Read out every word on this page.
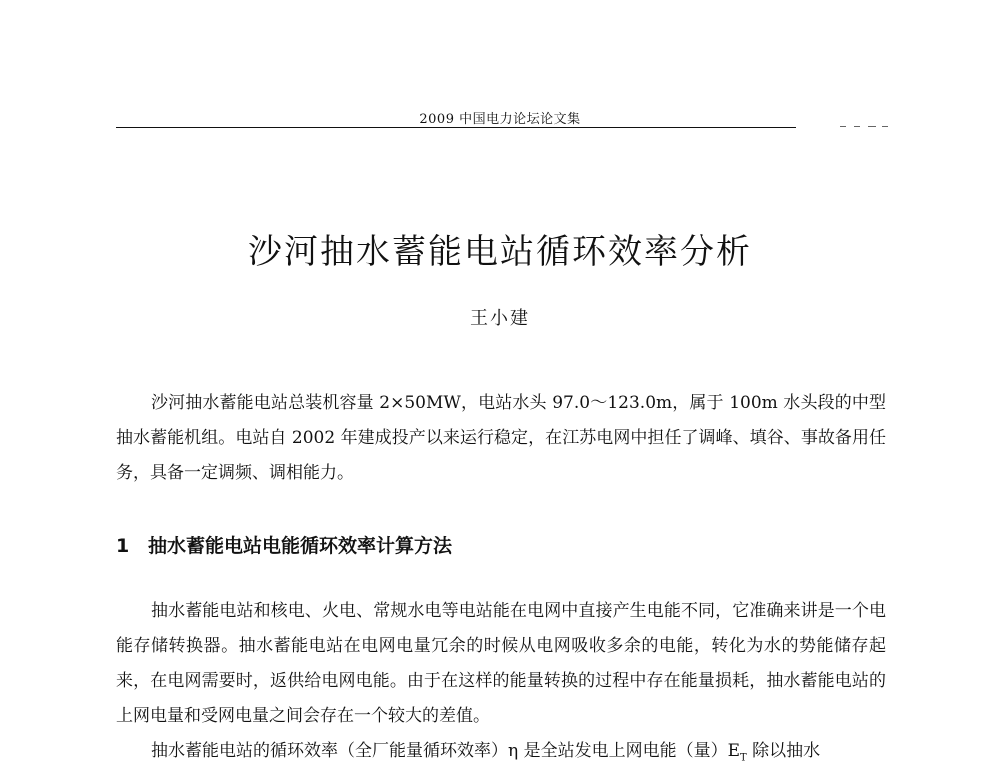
2009 中国电力论坛论文集
沙河抽水蓄能电站循环效率分析
王小建

沙河抽水蓄能电站总装机容量 2×50MW，电站水头 97.0～123.0m，属于 100m 水头段的中型抽水蓄能机组。电站自 2002 年建成投产以来运行稳定，在江苏电网中担任了调峰、填谷、事故备用任务，具备一定调频、调相能力。

1 抽水蓄能电站电能循环效率计算方法

抽水蓄能电站和核电、火电、常规水电等电站能在电网中直接产生电能不同，它准确来讲是一个电能存储转换器。抽水蓄能电站在电网电量冗余的时候从电网吸收多余的电能，转化为水的势能储存起来，在电网需要时，返供给电网电能。由于在这样的能量转换的过程中存在能量损耗，抽水蓄能电站的上网电量和受网电量之间会存在一个较大的差值。

抽水蓄能电站的循环效率（全厂能量循环效率）η 是全站发电上网电能（量）$E_T$ 除以抽水
